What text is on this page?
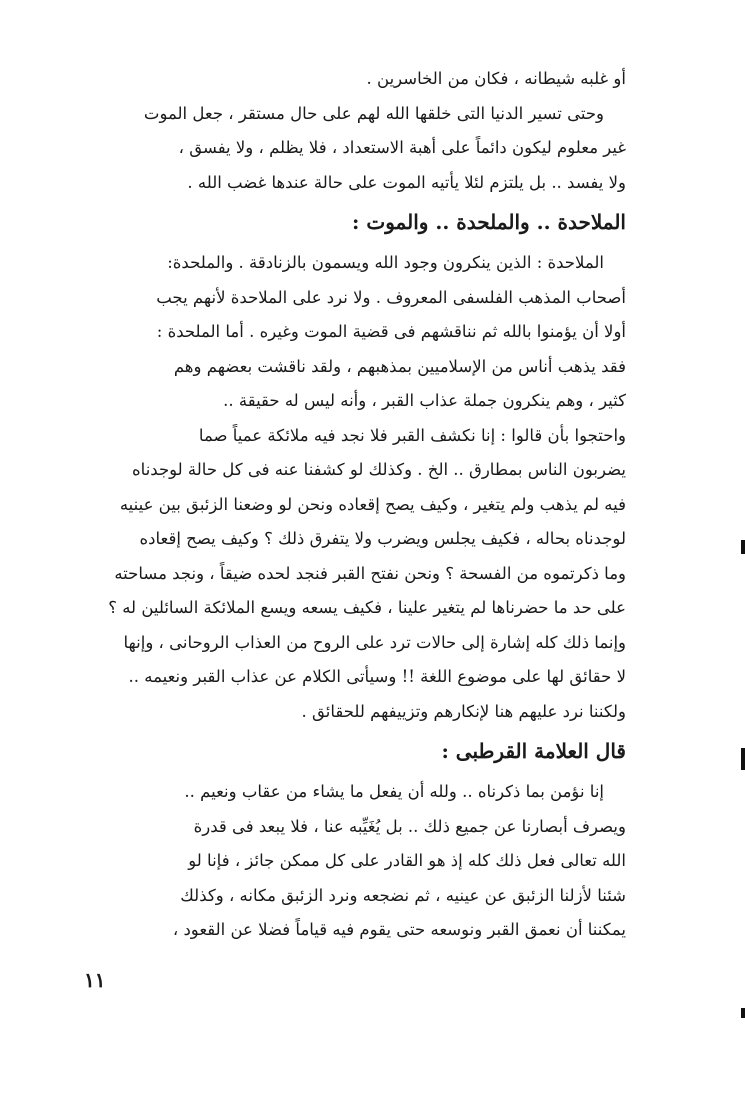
أو غلبه شيطانه ، فكان من الخاسرين .
وحتى تسير الدنيا التى خلقها الله لهم على حال مستقر ، جعل الموت
غير معلوم ليكون دائماً على أهبة الاستعداد ، فلا يظلم ، ولا يفسق ،
ولا يفسد .. بل يلتزم لئلا يأتيه الموت على حالة عندها غضب الله .
الملاحدة .. والملحدة .. والموت :
الملاحدة : الذين ينكرون وجود الله ويسمون بالزنادقة . والملحدة:
أصحاب المذهب الفلسفى المعروف . ولا نرد على الملاحدة لأنهم يجب
أولا أن يؤمنوا بالله ثم نناقشهم فى قضية الموت وغيره . أما الملحدة :
فقد يذهب أناس من الإسلاميين بمذهبهم ، ولقد ناقشت بعضهم وهم
كثير ، وهم ينكرون جملة عذاب القبر ، وأنه ليس له حقيقة ..
واحتجوا بأن قالوا : إنا نكشف القبر فلا نجد فيه ملائكة عمياً صما
يضربون الناس بمطارق .. الخ . وكذلك لو كشفنا عنه فى كل حالة لوجدناه
فيه لم يذهب ولم يتغير ، وكيف يصح إقعاده ونحن لو وضعنا الزئبق بين عينيه
لوجدناه بحاله ، فكيف يجلس ويضرب ولا يتفرق ذلك ؟ وكيف يصح إقعاده
وما ذكرتموه من الفسحة ؟ ونحن نفتح القبر فنجد لحده ضيقاً ، ونجد مساحته
على حد ما حضرناها لم يتغير علينا ، فكيف يسعه ويسع الملائكة السائلين له ؟
وإنما ذلك كله إشارة إلى حالات ترد على الروح من العذاب الروحانى ، وإنها
لا حقائق لها على موضوع اللغة !! وسيأتى الكلام عن عذاب القبر ونعيمه ..
ولكننا نرد عليهم هنا لإنكارهم وتزييفهم للحقائق .
قال العلامة القرطبى :
إنا نؤمن بما ذكرناه .. ولله أن يفعل ما يشاء من عقاب ونعيم ..
ويصرف أبصارنا عن جميع ذلك .. بل يُغَيِّبه عنا ، فلا يبعد فى قدرة
الله تعالى فعل ذلك كله إذ هو القادر على كل ممكن جائز ، فإنا لو
شئنا لأزلنا الزئبق عن عينيه ، ثم نضجعه ونرد الزئبق مكانه ، وكذلك
يمكننا أن نعمق القبر ونوسعه حتى يقوم فيه قياماً فضلا عن القعود ،
١١
